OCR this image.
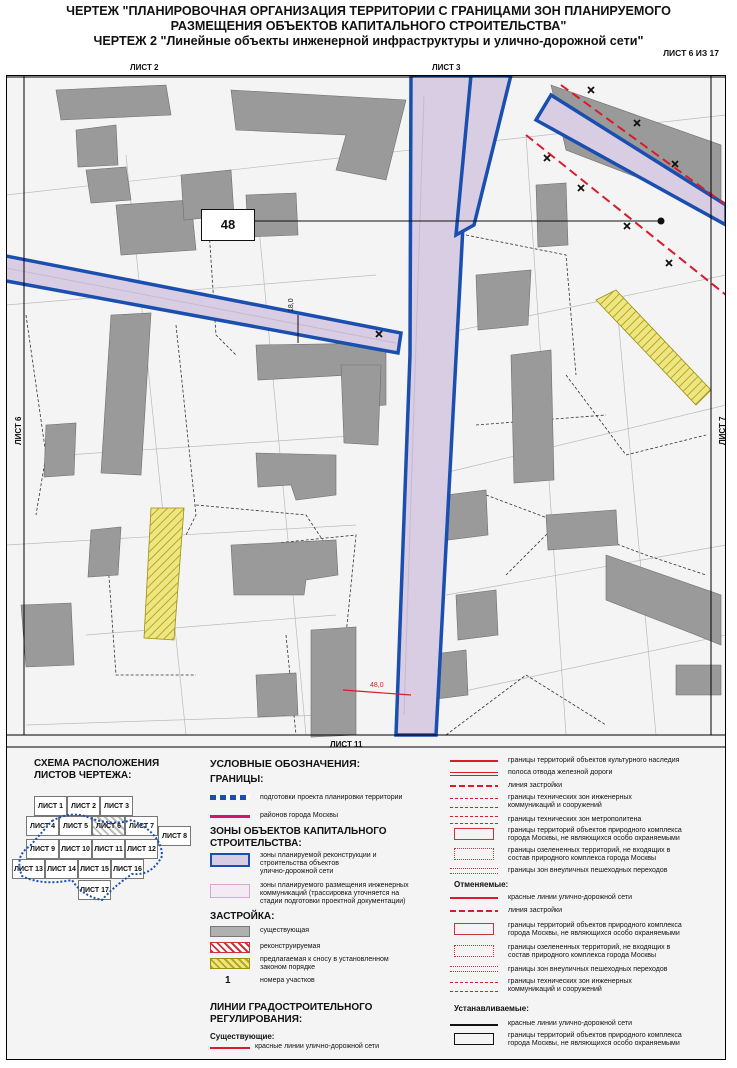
ЧЕРТЕЖ "ПЛАНИРОВОЧНАЯ ОРГАНИЗАЦИЯ ТЕРРИТОРИИ С ГРАНИЦАМИ ЗОН ПЛАНИРУЕМОГО
РАЗМЕЩЕНИЯ ОБЪЕКТОВ КАПИТАЛЬНОГО СТРОИТЕЛЬСТВА"
ЧЕРТЕЖ 2 "Линейные объекты инженерной инфраструктуры и улично-дорожной сети"
ЛИСТ 6 ИЗ 17
ЛИСТ 2	ЛИСТ 3
ЛИСТ 6	ЛИСТ 7
ЛИСТ 11
48
18,0
48,0
СХЕМА РАСПОЛОЖЕНИЯ
ЛИСТОВ ЧЕРТЕЖА:
ЛИСТ 1	ЛИСТ 2	ЛИСТ 3
ЛИСТ 4	ЛИСТ 5	ЛИСТ 6	ЛИСТ 7
ЛИСТ 8
ЛИСТ 9 ЛИСТ 10 ЛИСТ 11 ЛИСТ 12
ЛИСТ 13 ЛИСТ 14 ЛИСТ 15 ЛИСТ 16
ЛИСТ 17
УСЛОВНЫЕ ОБОЗНАЧЕНИЯ:
ГРАНИЦЫ:
подготовки проекта планировки территории
районов города Москвы
ЗОНЫ ОБЪЕКТОВ КАПИТАЛЬНОГО
СТРОИТЕЛЬСТВА:
зоны планируемой реконструкции и
строительства объектов
улично-дорожной сети
зоны планируемого размещения инженерных
коммуникаций (трассировка уточняется на
стадии подготовки проектной документации)
ЗАСТРОЙКА:
существующая
реконструируемая
предлагаемая к сносу в установленном
законом порядке
1	номера участков
ЛИНИИ ГРАДОСТРОИТЕЛЬНОГО
РЕГУЛИРОВАНИЯ:
Существующие:
красные линии улично-дорожной сети
границы территорий объектов культурного наследия
полоса отвода железной дороги
линия застройки
границы технических зон инженерных
коммуникаций и сооружений
границы технических зон метрополитена
границы территорий объектов природного комплекса
города Москвы, не являющихся особо охраняемыми
границы озелененных территорий, не входящих в
состав природного комплекса города Москвы
границы зон внеуличных пешеходных переходов
Отменяемые:
красные линии улично-дорожной сети
линия застройки
границы территорий объектов природного комплекса
города Москвы, не являющихся особо охраняемыми
границы озелененных территорий, не входящих в
состав природного комплекса города Москвы
границы зон внеуличных пешеходных переходов
границы технических зон инженерных
коммуникаций и сооружений
Устанавливаемые:
красные линии улично-дорожной сети
границы территорий объектов природного комплекса
города Москвы, не являющихся особо охраняемыми
